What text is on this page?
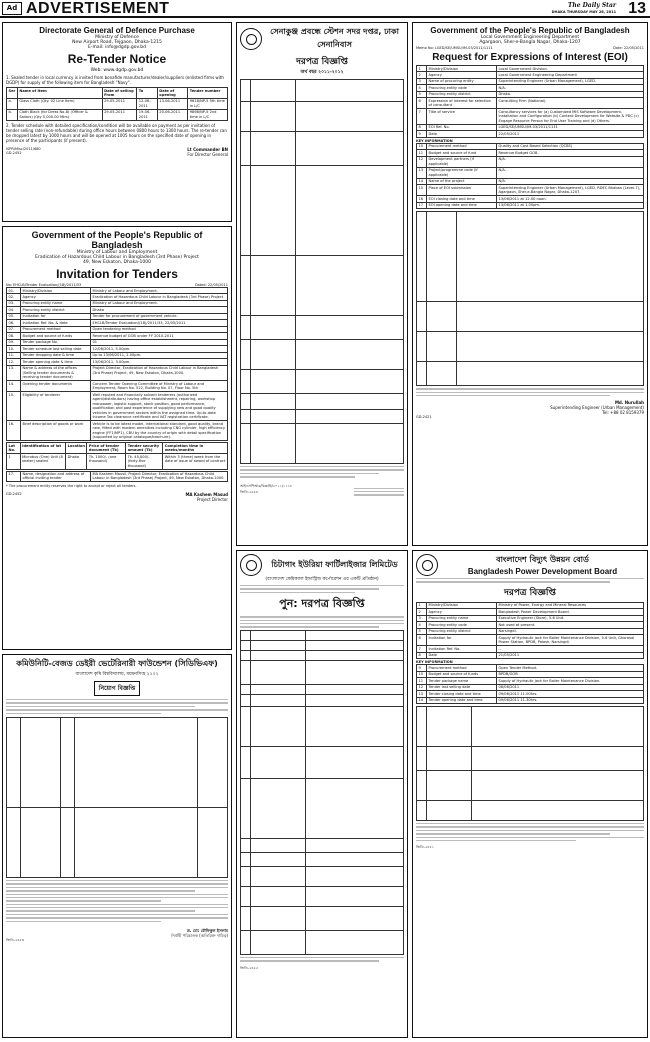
Ad ADVERTISEMENT	The Daily Star
DHAKA THURSDAY MAY 26, 2011 13
Directorate General of Defence Purchase
Ministry of Defence
New Airport Road, Tejgaon, Dhaka-1215
E-mail: info@dgdp.gov.bd
Re-Tender Notice
Web: www.dgdp.gov.bd
1. Sealed tender in local currency is invited from bonafide manufacturer/dealer/suppliers (enlisted firms with DGDP) for supply of the following item for Bangladesh "Navy".
Ser	Name of Item	Date of selling From	To	Date of opening	Tender number
a.	Glass Cloth (Qty: 02 Line Item)	29-05-2011	12-06-2011	13-06-2011	9618/NP-5 5th time in L/C
b.	Cloth Black (for Dress No-8) (Officer & Sailors) (Qty 5,000.00 Mtrs)	29-05-2011	19-06-2011	20-06-2011	9866/NP-5 2nd time in L/C
2. Tender schedule with detailed specification/condition will be available on payment as per invitation of tender selling rate (non-refundable) during office hours between 0800 hours to 1300 hours. The re-tender can be dropped latest by 1000 hours and will be opened at 1005 hours on the specified date of opening in presence of the participants (if present).
ISPR/Misc/2011/680
GD-2452
Lt Commander BN
For Director General
Government of the People's Republic of Bangladesh
Ministry of Labour and Employment
Eradication of Hazardous Child Labour in Bangladesh (3rd Phase) Project
49, New Eskaton, Dhaka-1000
Invitation for Tenders
No: EHCLB/Tender Evaluation/(18)/2011/33	Dated: 22/05/2011
01.	Ministry/Division	Ministry of Labour and Employment.
02.	Agency	Eradication of Hazardous Child Labour in Bangladesh (3rd Phase) Project
03.	Procuring entity name	Ministry of Labour and Employment.
04.	Procuring entity district	Dhaka
05.	Invitation for	Tender for procurement of government vehicle.
06.	Invitation Ref. No. & date	EHCLB/Tender Evaluation/(18)/2011/33, 22/05/2011
07.	Procurement method	Open tendering method
08.	Budget and source of funds	Revenue budget of GOB under FY 2010-2011
09.	Tender package No.	01
10.	Tender schedule last selling date	12/06/2011, 5.00pm.
11.	Tender dropping date & time	Up to 13/06/2011, 2.00pm.
12.	Tender opening date & time	13/06/2011, 3.00pm.
13.	Name & address of the offices (Selling tender documents & receiving tender document)	Project Director, Eradication of Hazardous Child Labour in Bangladesh (3rd Phase) Project, 49, New Eskaton, Dhaka-1000.
14.	Opening tender documents	Concern Tender Opening Committee of Ministry of Labour and Employment, Room No. 522, Building No. 07, Floor No. 5th
15.	Eligibility of tenderer	Well reputed and financially solvent tenderers (authorized agent/distributors) having office establishment, repairing, workshop manpower, logistic support, stock position, good performance, qualification and past experience of supplying new and good quality vehicles in government sectors within the assigned time. Up-to-date Income Tax clearance certificate and VAT registration certificate.
16.	Brief description of goods or work	Vehicle is to be latest model, international standard, good quality, brand new, fitted with modern amenities including CNG cylinder, high efficiency engine (FF1/MP1), CBU by the country of origin with detail specification (supported by original catalogue/brochure).
Lot No.	Identification of lot	Location	Price of tender document (Tk)	Tender security amount (Tk)	Completion time in weeks/months
1	Microbus (One) Unit (8 seater) sealed	Dhaka	Tk. 1000/- (one thousand)	Tk. 45,000/- (forty-five thousand)	Within 3 (three) week from the date of issue of award of contract
17.	Name, designation and address of official inviting tender	MA Kashem Mausil, Project Director, Eradication of Hazardous Child Labour in Bangladesh (3rd Phase) Project, 49, New Eskaton, Dhaka-1000.
* The procurement entity reserves the right to accept or reject all tenders.
GD-2452	MA Kashem Masud
Project Director
কমিউনিটি-বেজড ডেইরী ভেটেরিনারী ফাউন্ডেশন (সিডিভিএফ)
বাংলাদেশ কৃষি বিশ্ববিদ্যালয়, ময়মনসিংহ ২২০২
নিয়োগ বিজ্ঞপ্তি

ড. মো: রৌফিকুল ইসলাম
নির্বাহী পরিচালক (অতিরিক্ত দায়িত্ব)
জিডি-২৪৫৩
সেনাকুঞ্জ প্রবন্ধে স্টেশন সদর দপ্তর, ঢাকা সেনানিবাস
দরপত্র বিজ্ঞপ্তি
অর্থ বছর ২০১১-২০১২

আইএসপিআর/বিজ্ঞপ্তি/২০১১/১১১৮
জিডি-২৪৫৪
চিটাগাং ইউরিয়া ফার্টিলাইজার লিমিটেড
(বাংলাদেশ কেমিক্যাল ইন্ডাস্ট্রিজ কর্পোরেশন এর একটি প্রতিষ্ঠান)
পুন: দরপত্র বিজ্ঞপ্তি

জিডি-২৪৫৫
Government of the People's Republic of Bangladesh
Local Government Engineering Department
Agargaon, Sher-e-Bangla Nagar, Dhaka-1207
Memo No: LGED/SE/UMSU/IM-03/2011/1111	Date: 22/05/2011
Request for Expressions of Interest (EOI)
1	Ministry/Division	Local Government Division.
2	Agency	Local Government Engineering Department
3	Name of procuring entity	Superintending Engineer (Urban Management), LGED.
4	Procuring entity code	N/A.
5	Procuring entity district	Dhaka.
6	Expression of interest for selection of consultant	Consulting Firm (National).
7	Title of service	Consultancy services for (a) Customized MIS Software Development, Installation and Configuration (b) Content Development for Website & PDC (c) Engage Resource Person for End User Training and (d) Others.
8	EOI Ref. No.	LGED/SE/UMSU/IM-03/2011/1111
9	Date	22/05/2011
KEY INFORMATION
10	Procurement method	Quality and Cost Based Selection (QCBS)
11	Budget and source of fund	Revenue Budget GOB.
12	Development partners (if applicable)	N/A.
13	Project/programme code (if applicable)	N/A.
14	Name of the project	N/A.
15	Place of EOI submission	Superintending Engineer (Urban Management), LGED, RDEC Bhaban (Level-7), Agargaon, Sher-e-Bangla Nagar, Dhaka-1207.
16	EOI closing date and time	13/06/2011 at 12.00 noon.
17	EOI opening date and time	13/06/2011 at 1.00pm.

Md. Nurullah
Superintending Engineer (Urban Management)
Tel: +88 02 8159379
GD-2421
বাংলাদেশ বিদ্যুৎ উন্নয়ন বোর্ড
Bangladesh Power Development Board
দরপত্র বিজ্ঞপ্তি
1	Ministry/Division	Ministry of Power, Energy and Mineral Resources
2	Agency	Bangladesh Power Development Board.
3	Procuring entity name	Executive Engineer (Store), 5-6 Unit.
4	Procuring entity code	Not used at present.
5	Procuring entity district	Narsingdi.
6	Invitation for	Supply of Hydraulic Jack for Boiler Maintenance Division, 5-6 Unit, Ghorasal Power Station, BPDB, Palash, Narsingdi.
7	Invitation Ref. No.	--
8	Date	21/05/2011
KEY INFORMATION
9	Procurement method	Open Tender Method.
10	Budget and source of funds	BPDB/GOB
11	Tender package name	Supply of Hydraulic Jack for Boiler Maintenance Division.
12	Tender last selling date	08/06/2011
13	Tender closing date and time	09/06/2011 11.00hrs.
14	Tender opening date and time	09/06/2011 11.30hrs.

জিডি-২৪৫১
